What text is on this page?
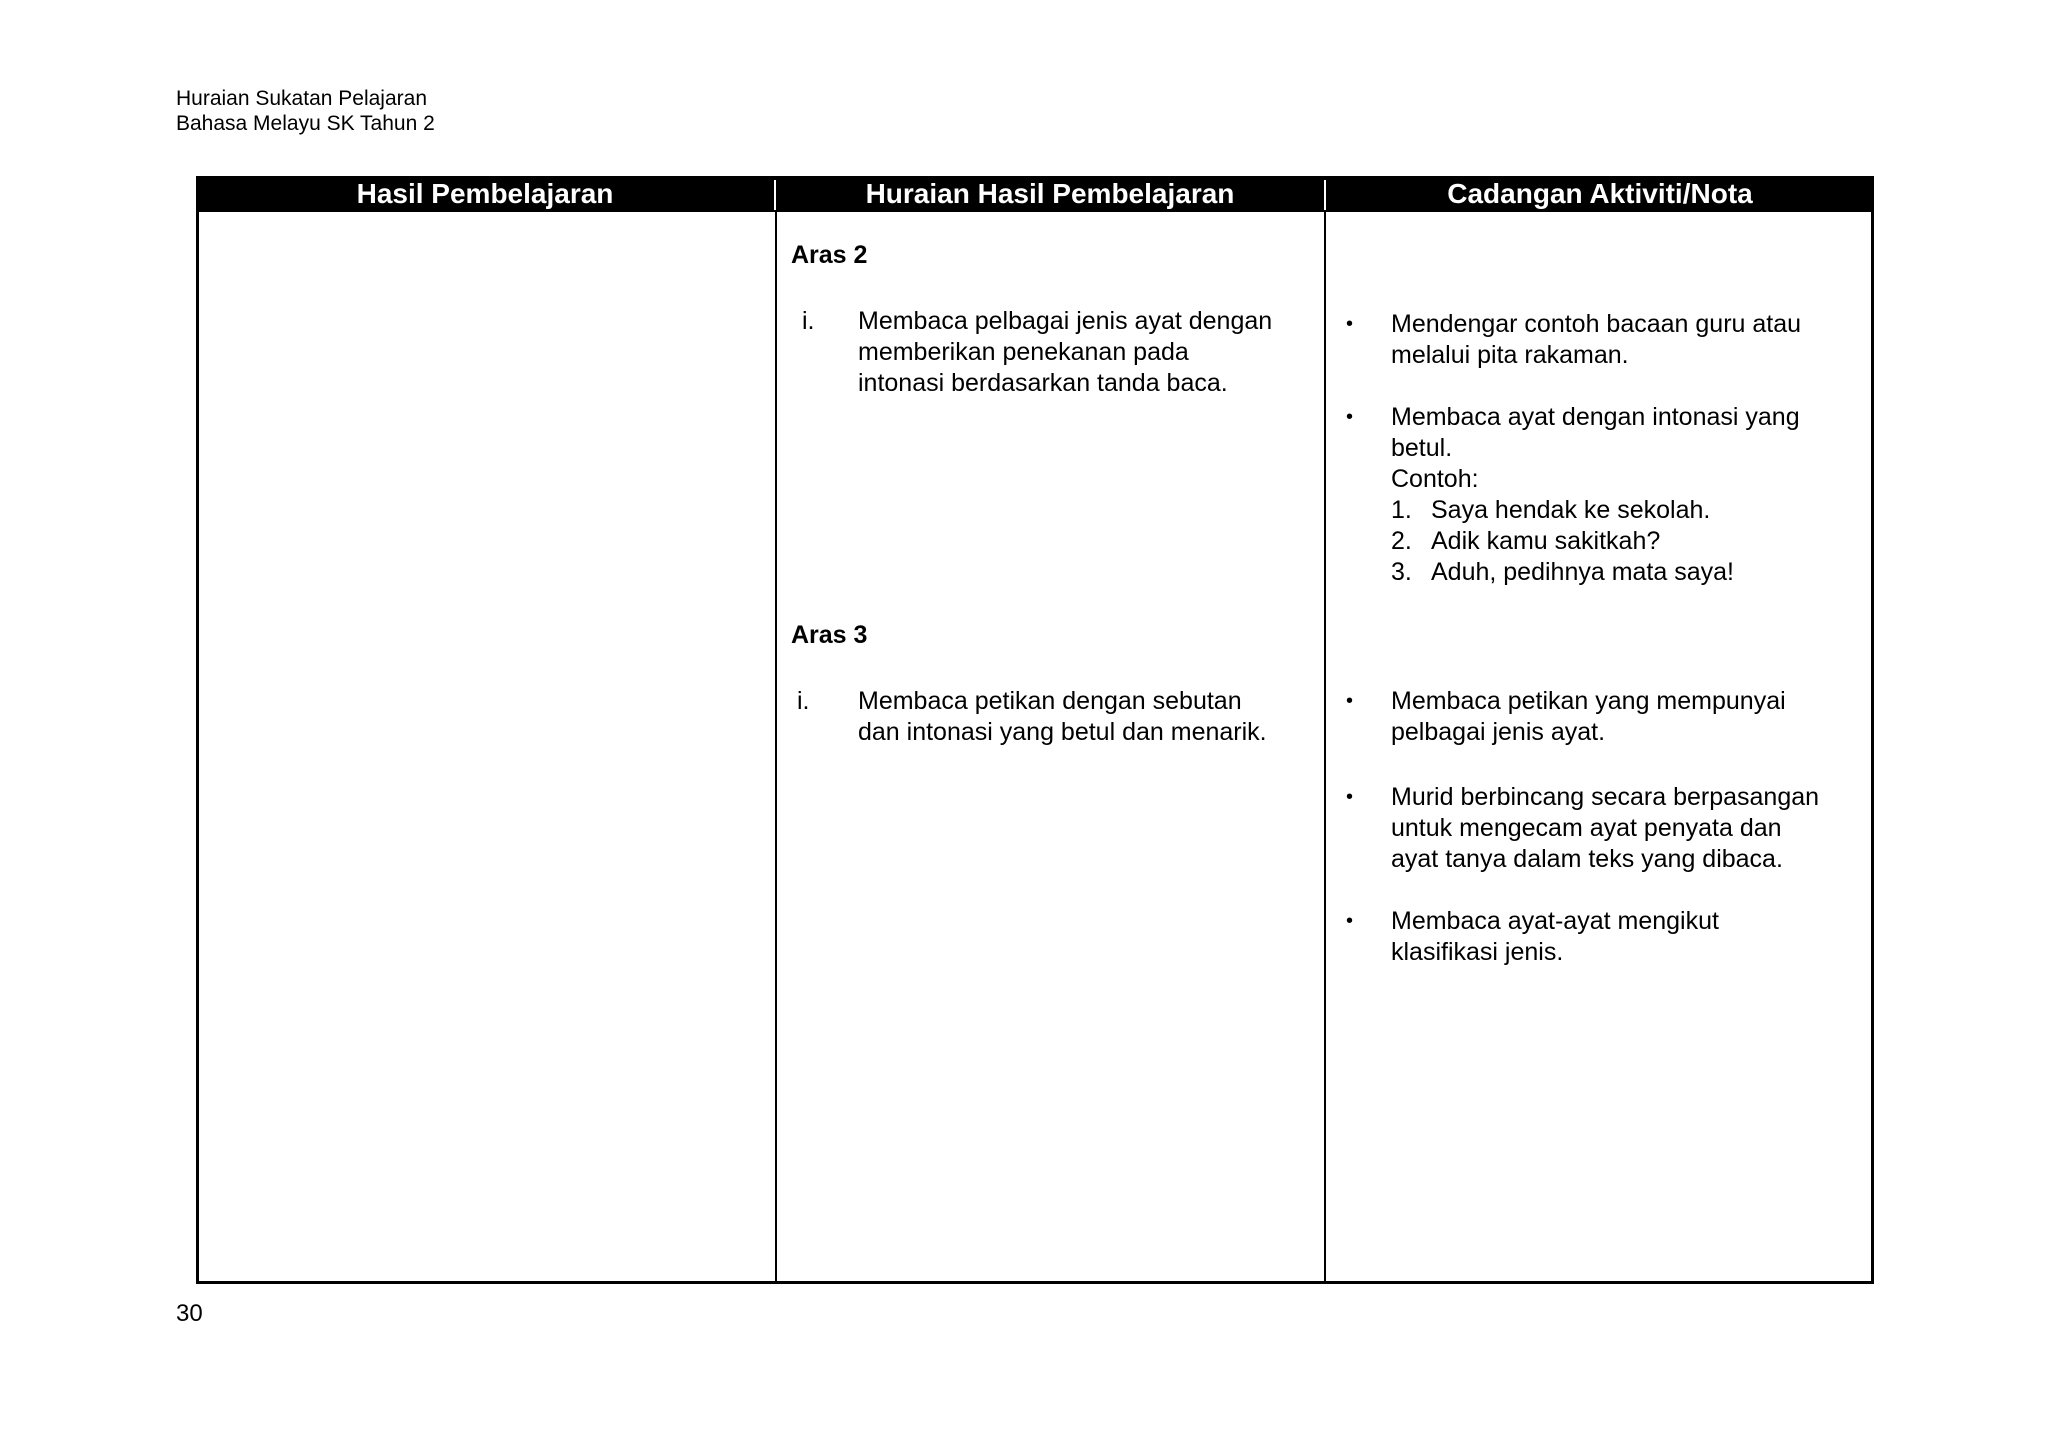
Huraian Sukatan Pelajaran
Bahasa Melayu SK Tahun 2
Hasil Pembelajaran	Huraian Hasil Pembelajaran	Cadangan Aktiviti/Nota
Aras 2
i. Membaca pelbagai jenis ayat dengan
memberikan penekanan pada
intonasi berdasarkan tanda baca.
Aras 3
i. Membaca petikan dengan sebutan
dan intonasi yang betul dan menarik.
• Mendengar contoh bacaan guru atau
melalui pita rakaman.
• Membaca ayat dengan intonasi yang
betul.
Contoh:
1. Saya hendak ke sekolah.
2. Adik kamu sakitkah?
3. Aduh, pedihnya mata saya!
• Membaca petikan yang mempunyai
pelbagai jenis ayat.
• Murid berbincang secara berpasangan
untuk mengecam ayat penyata dan
ayat tanya dalam teks yang dibaca.
• Membaca ayat-ayat mengikut
klasifikasi jenis.
30
